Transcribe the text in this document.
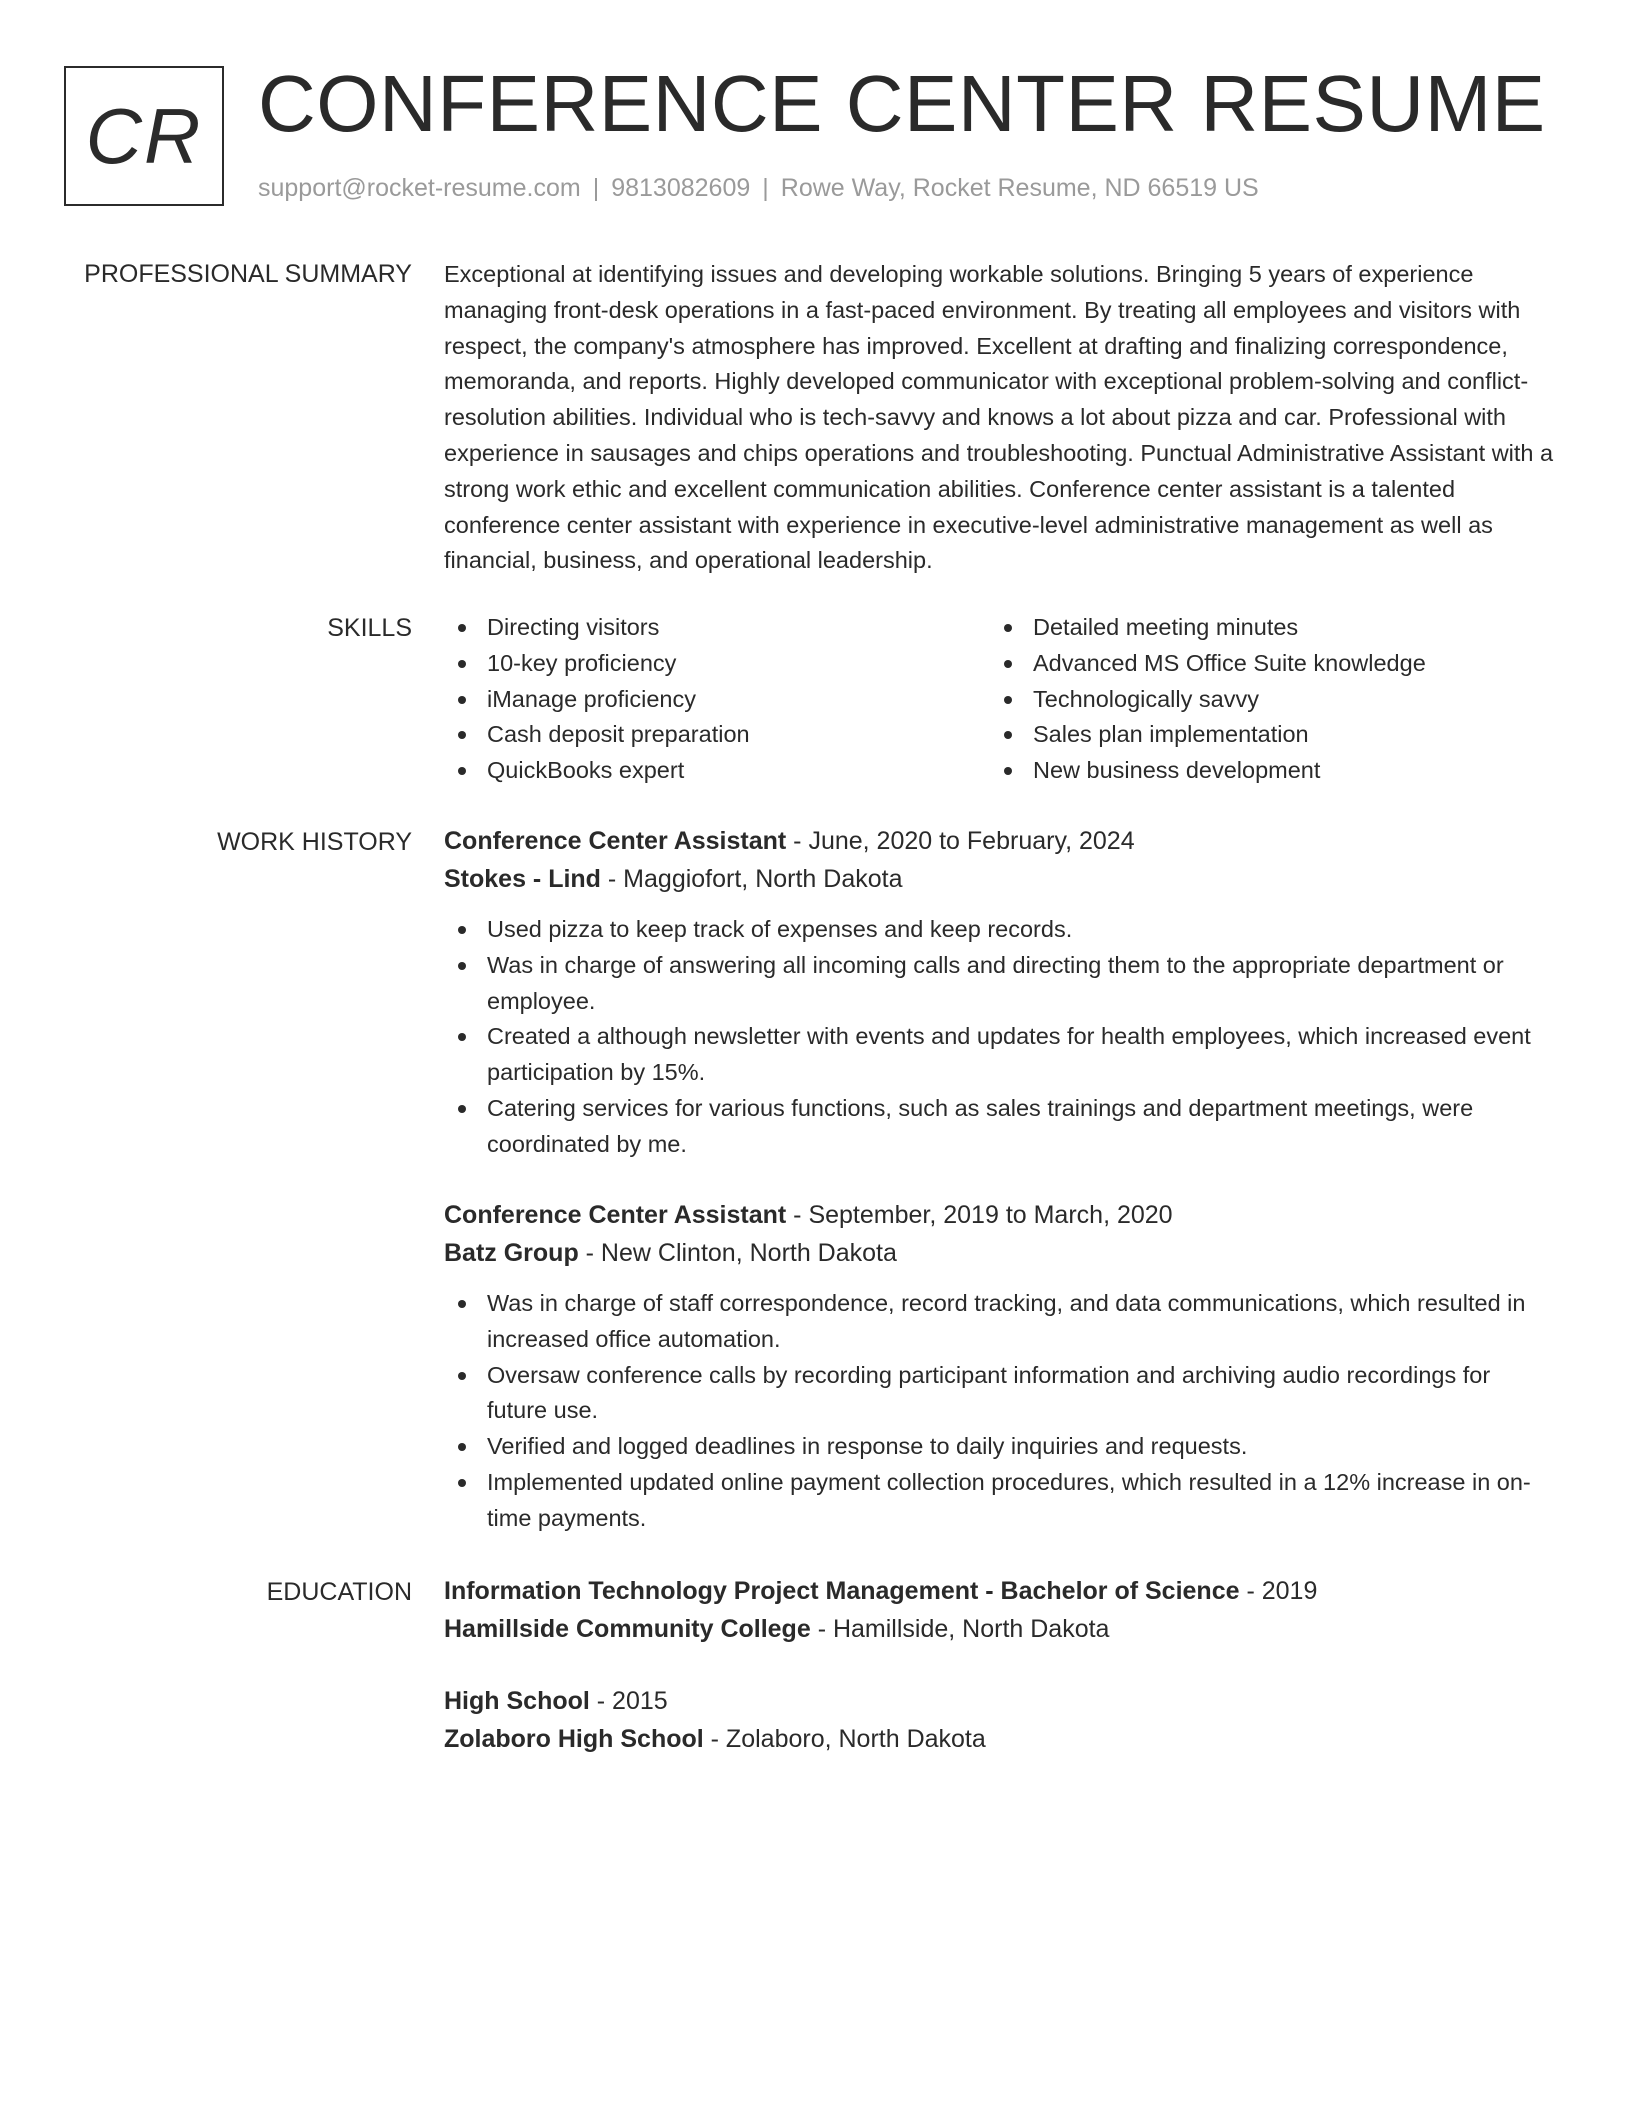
CR CONFERENCE CENTER RESUME
support@rocket-resume.com | 9813082609 | Rowe Way, Rocket Resume, ND 66519 US
PROFESSIONAL SUMMARY Exceptional at identifying issues and developing workable solutions. Bringing 5 years of experience managing front-desk operations in a fast-paced environment. By treating all employees and visitors with respect, the company's atmosphere has improved. Excellent at drafting and finalizing correspondence, memoranda, and reports. Highly developed communicator with exceptional problem-solving and conflict-resolution abilities. Individual who is tech-savvy and knows a lot about pizza and car. Professional with experience in sausages and chips operations and troubleshooting. Punctual Administrative Assistant with a strong work ethic and excellent communication abilities. Conference center assistant is a talented conference center assistant with experience in executive-level administrative management as well as financial, business, and operational leadership.

SKILLS	Directing visitors
10-key proficiency
iManage proficiency
Cash deposit preparation
QuickBooks expert
Detailed meeting minutes
Advanced MS Office Suite knowledge
Technologically savvy
Sales plan implementation
New business development
WORK HISTORY Conference Center Assistant - June, 2020 to February, 2024
Stokes - Lind - Maggiofort, North Dakota
Used pizza to keep track of expenses and keep records.
Was in charge of answering all incoming calls and directing them to the appropriate department or employee.
Created a although newsletter with events and updates for health employees, which increased event participation by 15%.
Catering services for various functions, such as sales trainings and department meetings, were coordinated by me.
Conference Center Assistant - September, 2019 to March, 2020
Batz Group - New Clinton, North Dakota
Was in charge of staff correspondence, record tracking, and data communications, which resulted in increased office automation.
Oversaw conference calls by recording participant information and archiving audio recordings for future use.
Verified and logged deadlines in response to daily inquiries and requests.
Implemented updated online payment collection procedures, which resulted in a 12% increase in on-time payments.
EDUCATION Information Technology Project Management - Bachelor of Science - 2019
Hamillside Community College - Hamillside, North Dakota
High School - 2015
Zolaboro High School - Zolaboro, North Dakota
